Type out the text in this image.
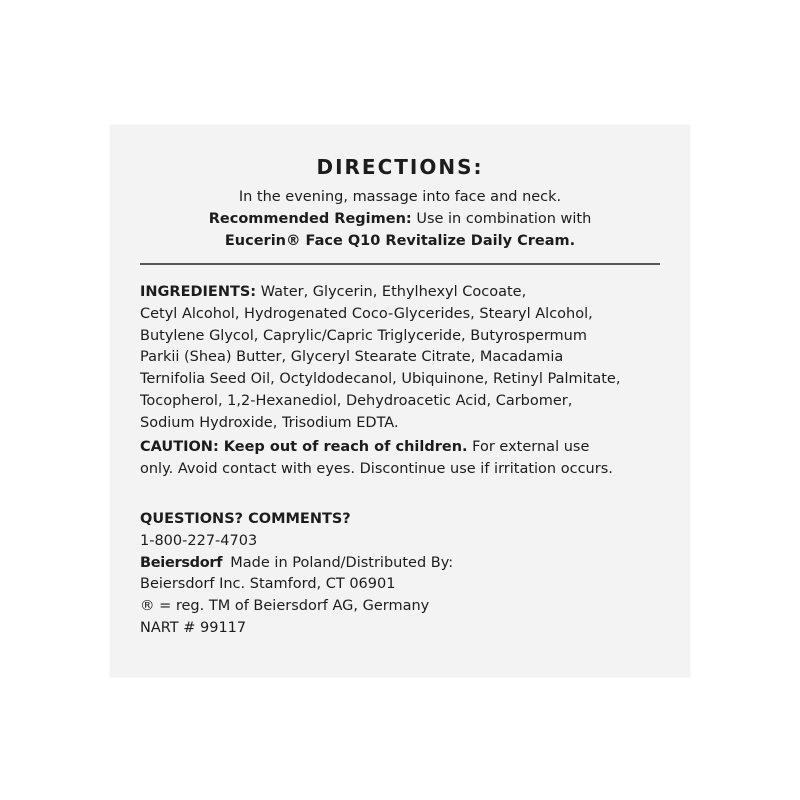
DIRECTIONS:
In the evening, massage into face and neck.
Recommended Regimen: Use in combination with
Eucerin® Face Q10 Revitalize Daily Cream.
INGREDIENTS: Water, Glycerin, Ethylhexyl Cocoate,
Cetyl Alcohol, Hydrogenated Coco-Glycerides, Stearyl Alcohol,
Butylene Glycol, Caprylic/Capric Triglyceride, Butyrospermum
Parkii (Shea) Butter, Glyceryl Stearate Citrate, Macadamia
Ternifolia Seed Oil, Octyldodecanol, Ubiquinone, Retinyl Palmitate,
Tocopherol, 1,2-Hexanediol, Dehydroacetic Acid, Carbomer,
Sodium Hydroxide, Trisodium EDTA.
CAUTION: Keep out of reach of children. For external use
only. Avoid contact with eyes. Discontinue use if irritation occurs.
QUESTIONS? COMMENTS?
1-800-227-4703
Beiersdorf Made in Poland/Distributed By:
Beiersdorf Inc. Stamford, CT 06901
® = reg. TM of Beiersdorf AG, Germany
NART # 99117
